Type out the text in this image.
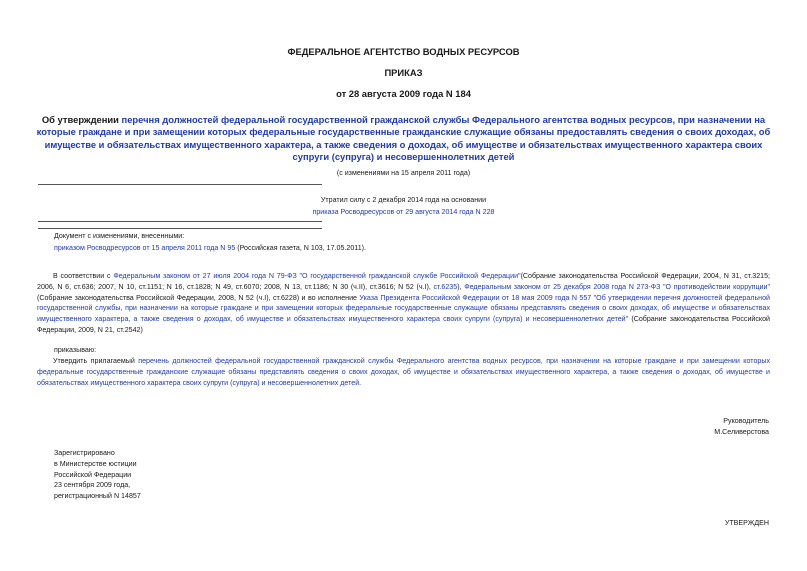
ФЕДЕРАЛЬНОЕ АГЕНТСТВО ВОДНЫХ РЕСУРСОВ
ПРИКАЗ
от 28 августа 2009 года N 184
Об утверждении перечня должностей федеральной государственной гражданской службы Федерального агентства водных ресурсов, при назначении на которые граждане и при замещении которых федеральные государственные гражданские служащие обязаны предоставлять сведения о своих доходах, об имуществе и обязательствах имущественного характера, а также сведения о доходах, об имуществе и обязательствах имущественного характера своих супруги (супруга) и несовершеннолетних детей
(с изменениями на 15 апреля 2011 года)
Утратил силу с 2 декабря 2014 года на основании
приказа Росводресурсов от 29 августа 2014 года N 228
Документ с изменениями, внесенными:
приказом Росводресурсов от 15 апреля 2011 года N 95 (Российская газета, N 103, 17.05.2011).

В соответствии с Федеральным законом от 27 июля 2004 года N 79-ФЗ "О государственной гражданской службе Российской Федерации"(Собрание законодательства Российской Федерации, 2004, N 31, ст.3215; 2006, N 6, ст.636; 2007, N 10, ст.1151; N 16, ст.1828; N 49, ст.6070; 2008, N 13, ст.1186; N 30 (ч.II), ст.3616; N 52 (ч.I), ст.6235), Федеральным законом от 25 декабря 2008 года N 273-ФЗ "О противодействии коррупции" (Собрание законодательства Российской Федерации, 2008, N 52 (ч.I), ст.6228) и во исполнение Указа Президента Российской Федерации от 18 мая 2009 года N 557 "Об утверждении перечня должностей федеральной государственной службы, при назначении на которые граждане и при замещении которых федеральные государственные служащие обязаны представлять сведения о своих доходах, об имуществе и обязательствах имущественного характера, а также сведения о доходах, об имуществе и обязательствах имущественного характера своих супруги (супруга) и несовершеннолетних детей" (Собрание законодательства Российской Федерации, 2009, N 21, ст.2542)

приказываю:

Утвердить прилагаемый перечень должностей федеральной государственной гражданской службы Федерального агентства водных ресурсов, при назначении на которые граждане и при замещении которых федеральные государственные гражданские служащие обязаны представлять сведения о своих доходах, об имуществе и обязательствах имущественного характера, а также сведения о доходах, об имуществе и обязательствах имущественного характера своих супруги (супруга) и несовершеннолетних детей.

Руководитель
М.Селиверстова
Зарегистрировано
в Министерстве юстиции
Российской Федерации
23 сентября 2009 года,
регистрационный N 14857
УТВЕРЖДЕН
